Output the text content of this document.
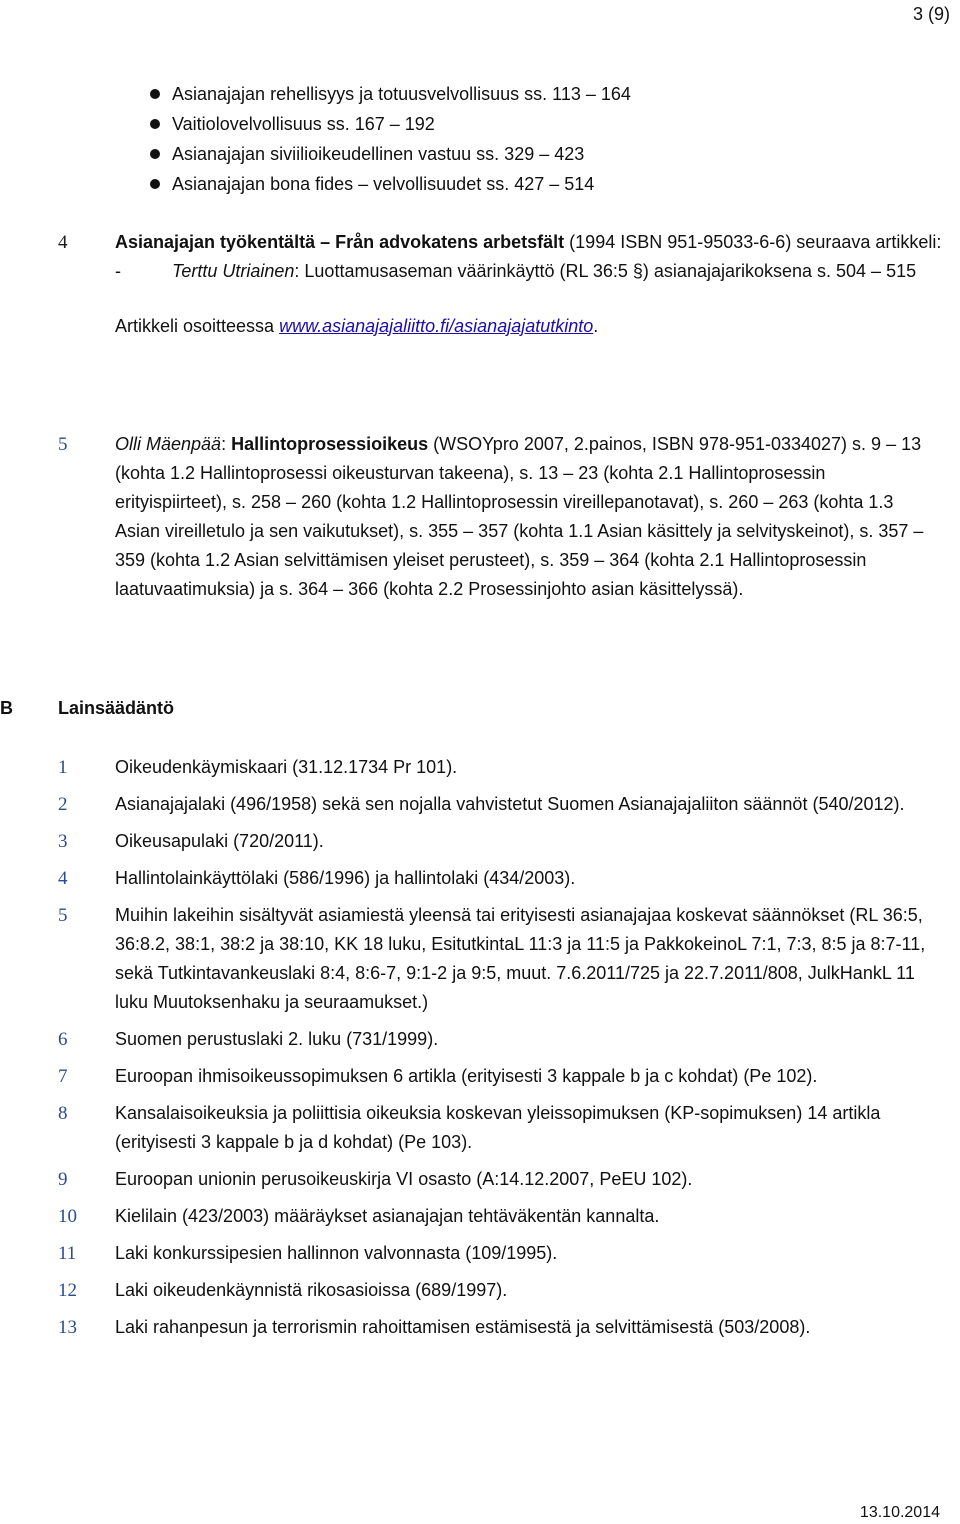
3 (9)
Asianajajan rehellisyys ja totuusvelvollisuus ss. 113 – 164
Vaitiolovelvollisuus ss. 167 – 192
Asianajajan siviilioikeudellinen vastuu ss. 329 – 423
Asianajajan bona fides – velvollisuudet ss. 427 – 514
4	Asianajajan työkentältä – Från advokatens arbetsfält (1994 ISBN 951-95033-6-6) seuraava artikkeli:
-	Terttu Utriainen: Luottamusaseman väärinkäyttö (RL 36:5 §) asianajajarikoksena s. 504 – 515
Artikkeli osoitteessa www.asianajajaliitto.fi/asianajajatutkinto.
5	Olli Mäenpää: Hallintoprosessioikeus (WSOYpro 2007, 2.painos, ISBN 978-951-0334027) s. 9 – 13 (kohta 1.2 Hallintoprosessi oikeusturvan takeena), s. 13 – 23 (kohta 2.1 Hallintoprosessin erityispiirteet), s. 258 – 260 (kohta 1.2 Hallintoprosessin vireillepanotavat), s. 260 – 263 (kohta 1.3 Asian vireilletulo ja sen vaikutukset), s. 355 – 357 (kohta 1.1 Asian käsittely ja selvityskeinot), s. 357 – 359 (kohta 1.2 Asian selvittämisen yleiset perusteet), s. 359 – 364 (kohta 2.1 Hallintoprosessin laatuvaatimuksia) ja s. 364 – 366 (kohta 2.2 Prosessinjohto asian käsittelyssä).
B	Lainsäädäntö
1	Oikeudenkäymiskaari (31.12.1734 Pr 101).
2	Asianajajalaki (496/1958) sekä sen nojalla vahvistetut Suomen Asianajajaliiton säännöt (540/2012).
3	Oikeusapulaki (720/2011).
4	Hallintolainkäyttölaki (586/1996) ja hallintolaki (434/2003).
5	Muihin lakeihin sisältyvät asiamiestä yleensä tai erityisesti asianajajaa koskevat säännökset (RL 36:5, 36:8.2, 38:1, 38:2 ja 38:10, KK 18 luku, EsitutkintaL 11:3 ja 11:5 ja PakkokeinoL 7:1, 7:3, 8:5 ja 8:7-11, sekä Tutkintavankeuslaki 8:4, 8:6-7, 9:1-2 ja 9:5, muut. 7.6.2011/725 ja 22.7.2011/808, JulkHankL 11 luku Muutoksenhaku ja seuraamukset.)
6	Suomen perustuslaki 2. luku (731/1999).
7	Euroopan ihmisoikeussopimuksen 6 artikla (erityisesti 3 kappale b ja c kohdat) (Pe 102).
8	Kansalaisoikeuksia ja poliittisia oikeuksia koskevan yleissopimuksen (KP-sopimuksen) 14 artikla (erityisesti 3 kappale b ja d kohdat) (Pe 103).
9	Euroopan unionin perusoikeuskirja VI osasto (A:14.12.2007, PeEU 102).
10	Kielilain (423/2003) määräykset asianajajan tehtäväkentän kannalta.
11	Laki konkurssipesien hallinnon valvonnasta (109/1995).
12	Laki oikeudenkäynnistä rikosasioissa (689/1997).
13	Laki rahanpesun ja terrorismin rahoittamisen estämisestä ja selvittämisestä (503/2008).
13.10.2014
